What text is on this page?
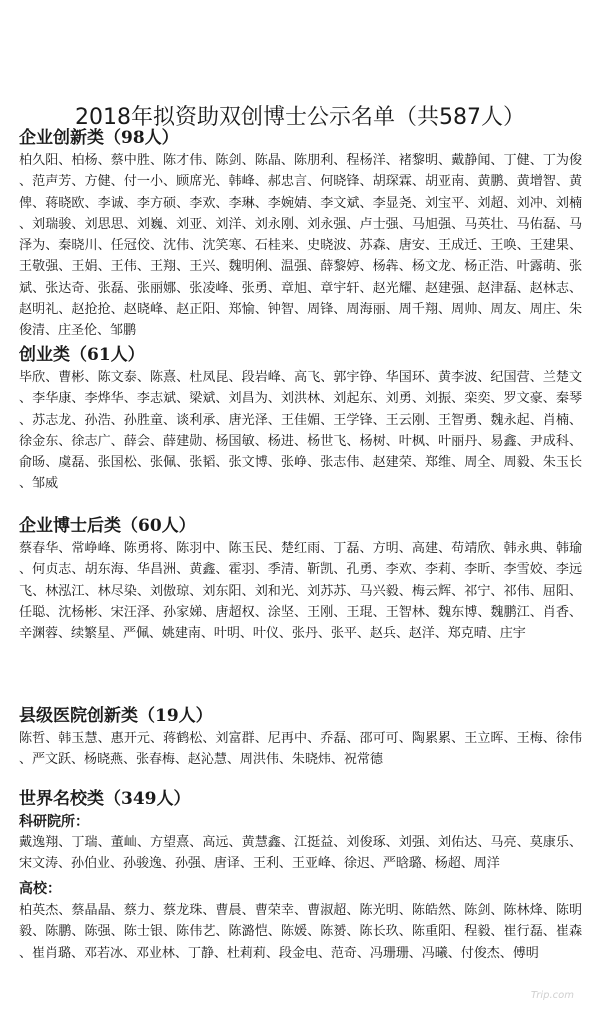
2018年拟资助双创博士公示名单（共587人）
企业创新类（98人）
柏久阳、柏杨、蔡中胜、陈才伟、陈剑、陈晶、陈朋利、程杨洋、褚黎明、戴静闻、丁健、丁为俊、范声芳、方健、付一小、顾席光、韩峰、郝忠言、何晓锋、胡琛霖、胡亚南、黄鹏、黄增智、黄俾、蒋晓欧、李诚、李方硕、李欢、李琳、李婉婧、李文斌、李显尧、刘宝平、刘超、刘冲、刘楠、刘瑞骏、刘思思、刘巍、刘亚、刘洋、刘永刚、刘永强、卢士强、马旭强、马英壮、马佑磊、马泽为、秦晓川、任冠佼、沈伟、沈笑寒、石桂来、史晓波、苏森、唐安、王成迁、王唤、王建果、王敬强、王娟、王伟、王翔、王兴、魏明俐、温强、薛黎婷、杨犇、杨文龙、杨正浩、叶露萌、张斌、张达奇、张磊、张丽娜、张凌峰、张勇、章旭、章宇轩、赵光耀、赵建强、赵津磊、赵林志、赵明礼、赵抢抢、赵晓峰、赵正阳、郑愉、钟智、周锋、周海丽、周千翔、周帅、周友、周庄、朱俊清、庄圣伦、邹鹏
创业类（61人）
毕欣、曹彬、陈文泰、陈熹、杜凤昆、段岩峰、高飞、郭宇铮、华国环、黄李波、纪国营、兰楚文、李华康、李烨华、李志斌、梁斌、刘昌为、刘洪林、刘起东、刘勇、刘振、栾奕、罗文豪、秦琴、苏志龙、孙浩、孙胜童、谈利承、唐光泽、王佳媚、王学锋、王云刚、王智勇、魏永起、肖楠、徐金东、徐志广、薛会、薛建勋、杨国敏、杨进、杨世飞、杨树、叶枫、叶丽丹、易鑫、尹成科、俞旸、虞磊、张国松、张佩、张韬、张文博、张峥、张志伟、赵建荣、郑维、周全、周毅、朱玉长、邹威
企业博士后类（60人）
蔡春华、常峥峰、陈勇将、陈羽中、陈玉民、楚红雨、丁磊、方明、高建、苟靖欣、韩永典、韩瑜、何贞志、胡东海、华昌洲、黄鑫、霍羽、季清、靳凯、孔勇、李欢、李莉、李昕、李雪姣、李远飞、林泓江、林尽染、刘傲琼、刘东阳、刘和光、刘苏苏、马兴毅、梅云辉、祁宁、祁伟、屈阳、任聪、沈杨彬、宋汪泽、孙家娣、唐超权、涂坚、王刚、王琨、王智林、魏东博、魏鹏江、肖香、辛渊蓉、续繁星、严佩、姚建南、叶明、叶仪、张丹、张平、赵兵、赵洋、郑克晴、庄宇
县级医院创新类（19人）
陈哲、韩玉慧、惠开元、蒋鹤松、刘富群、尼再中、乔磊、邵可可、陶累累、王立晖、王梅、徐伟、严文跃、杨晓燕、张春梅、赵沁慧、周洪伟、朱晓炜、祝常德
世界名校类（349人）
科研院所：
戴逸翔、丁瑞、董屾、方望熹、高远、黄慧鑫、江挺益、刘俊琢、刘强、刘佑达、马亮、莫康乐、宋文涛、孙伯业、孙骏逸、孙强、唐译、王利、王亚峰、徐迟、严晗璐、杨超、周洋
高校：
柏英杰、蔡晶晶、蔡力、蔡龙珠、曹晨、曹荣幸、曹淑超、陈光明、陈皓然、陈剑、陈林烽、陈明毅、陈鹏、陈强、陈士银、陈伟艺、陈潞恺、陈媛、陈赟、陈长玖、陈重阳、程毅、崔行磊、崔森、崔肖璐、邓若冰、邓业林、丁静、杜莉莉、段金电、范奇、冯珊珊、冯曦、付俊杰、傅明
Trip.com
